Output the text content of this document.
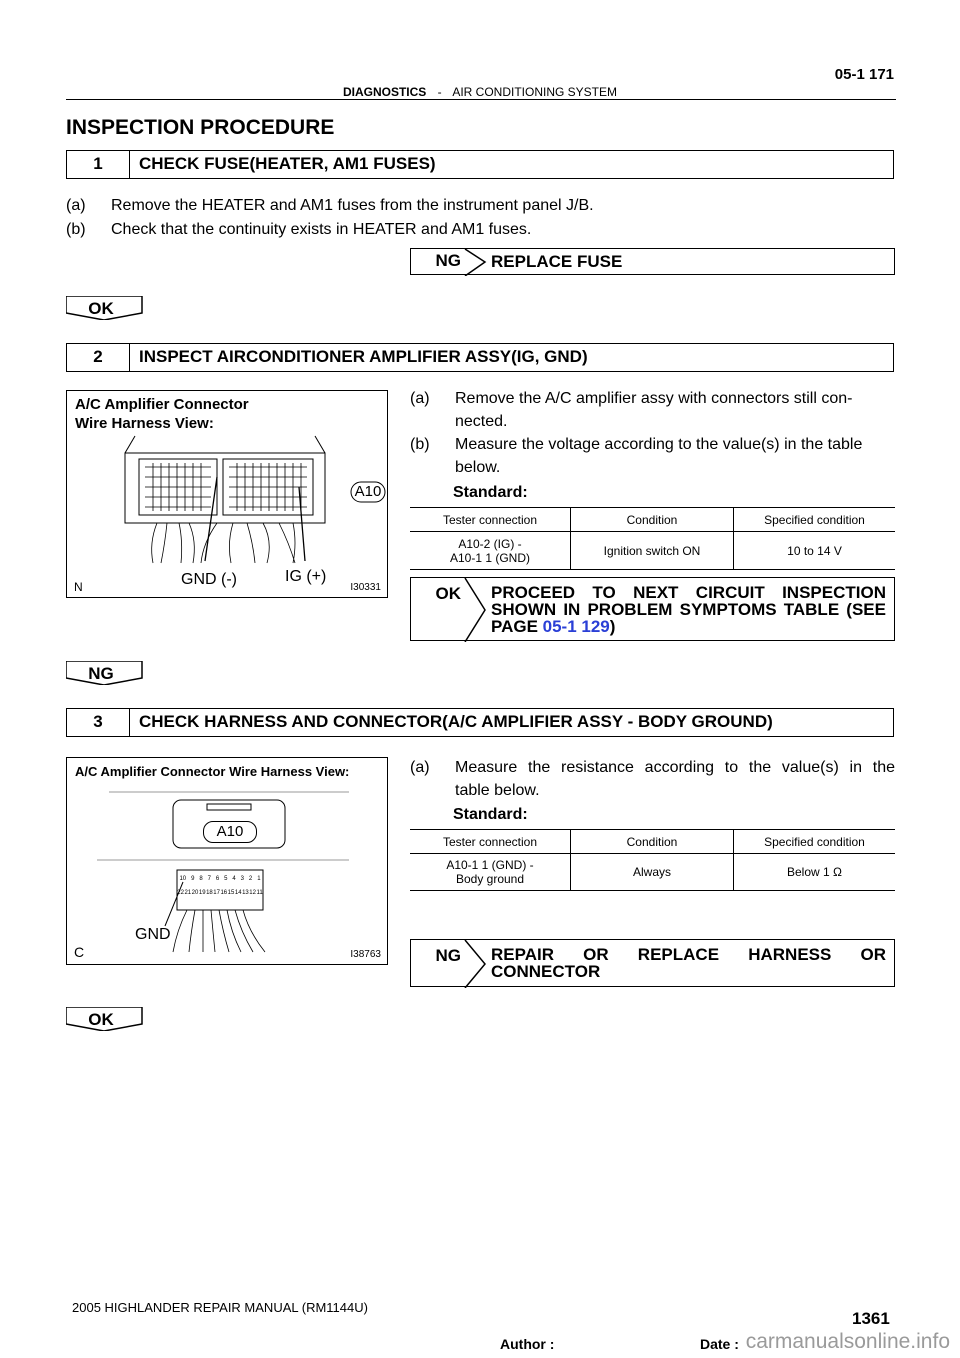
05-1 171
DIAGNOSTICS - AIR CONDITIONING SYSTEM
INSPECTION PROCEDURE
1	CHECK FUSE(HEATER, AM1 FUSES)
(a) Remove the HEATER and AM1 fuses from the instrument panel J/B.
(b) Check that the continuity exists in HEATER and AM1 fuses.
NG REPLACE FUSE
OK
2	INSPECT AIRCONDITIONER AMPLIFIER ASSY(IG, GND)
A/C Amplifier Connector
Wire Harness View:
A10
GND (-)	IG (+)
N	I30331
(a) Remove the A/C amplifier assy with connectors still con-
nected.
(b) Measure the voltage according to the value(s) in the table
below.
Standard:
Tester connection	Condition	Specified condition

A10-2 (IG) -
A10-1 1 (GND)	Ignition switch ON	10 to 14 V
OK PROCEED TO NEXT CIRCUIT INSPECTION
SHOWN IN PROBLEM SYMPTOMS TABLE (SEE
PAGE 05-1 129)
NG
3	CHECK HARNESS AND CONNECTOR(A/C AMPLIFIER ASSY - BODY GROUND)
A/C Amplifier Connector Wire Harness View:
10 9 8 7 6 5 4 3 2 1
22 21 20 19 18 17 16 15 14 13 12 11
A10
GND
C	I38763
(a) Measure the resistance according to the value(s) in the
table below.
Standard:
Tester connection	Condition	Specified condition

A10-1 1 (GND) -
Body ground	Always	Below 1 Ω
NG REPAIR OR REPLACE HARNESS OR
CONNECTOR
OK
2005 HIGHLANDER REPAIR MANUAL (RM1144U)
1361
Author :	Date : carmanualsonline.info
